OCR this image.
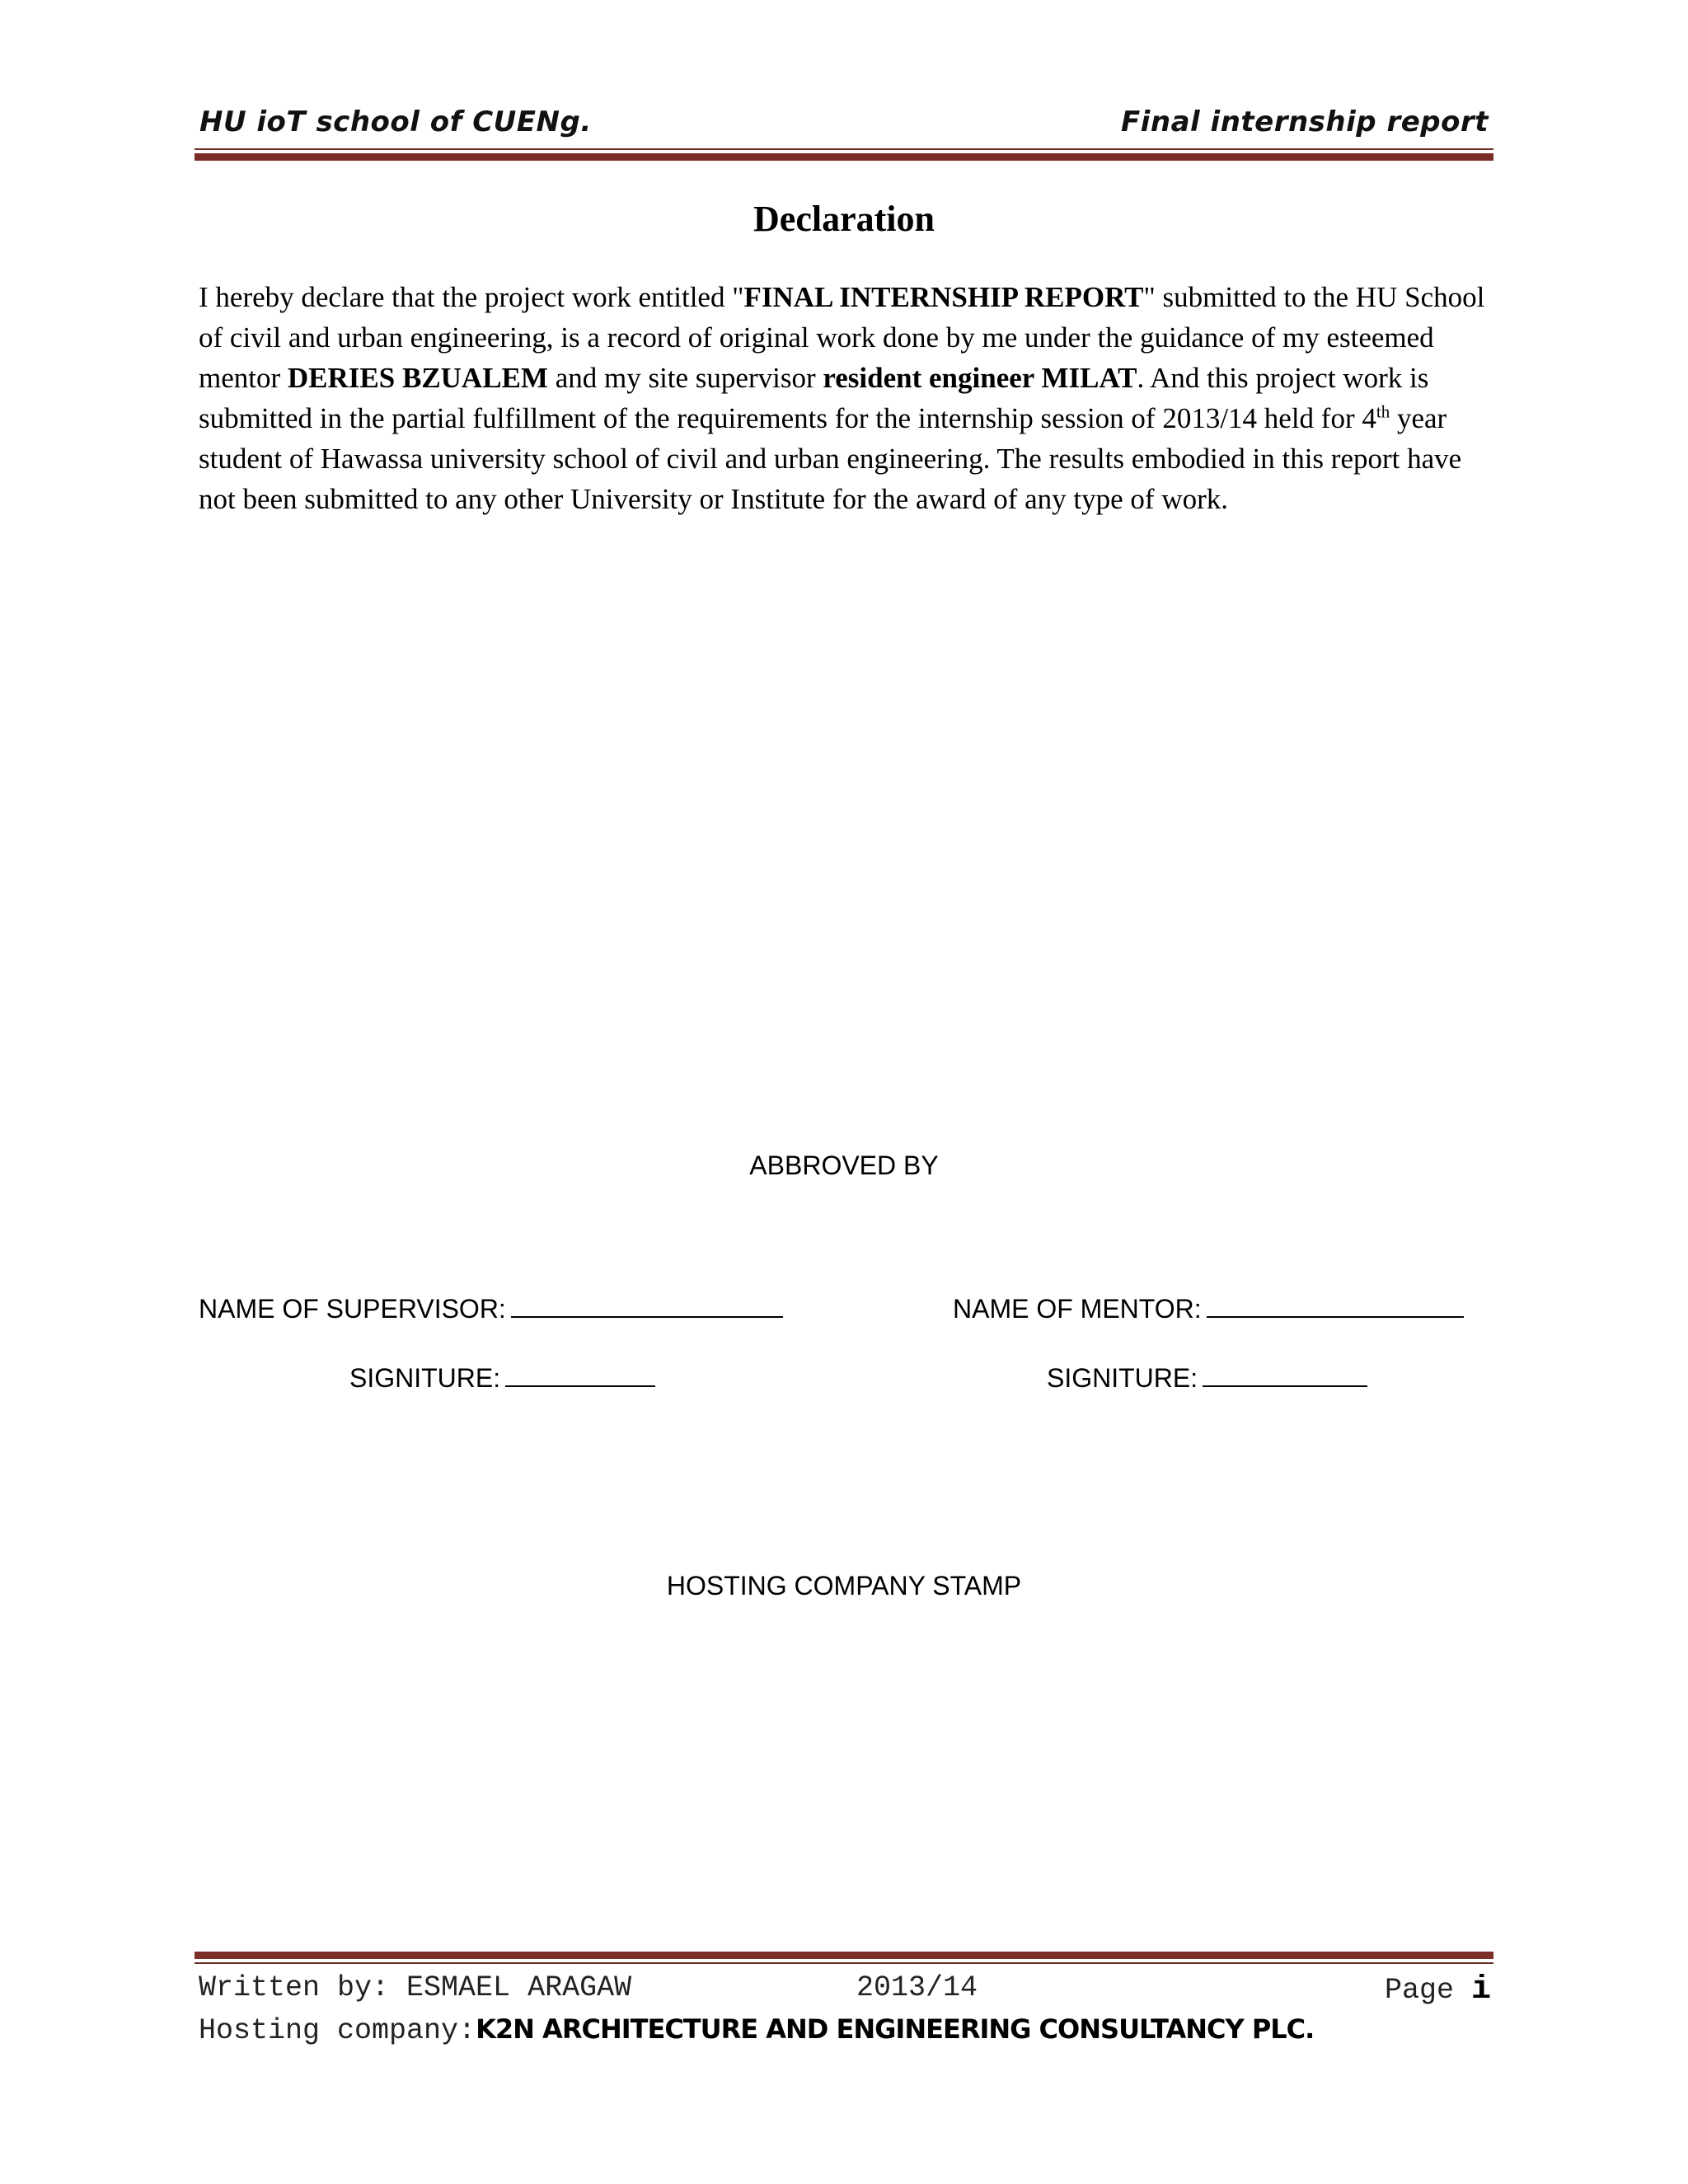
HU ioT school of CUENg.	Final internship report
Declaration

I hereby declare that the project work entitled "FINAL INTERNSHIP REPORT" submitted to the HU School of civil and urban engineering, is a record of original work done by me under the guidance of my esteemed mentor DERIES BZUALEM and my site supervisor resident engineer MILAT. And this project work is submitted in the partial fulfillment of the requirements for the internship session of 2013/14 held for 4th year student of Hawassa university school of civil and urban engineering. The results embodied in this report have not been submitted to any other University or Institute for the award of any type of work.

ABBROVED BY
NAME OF SUPERVISOR:	NAME OF MENTOR:
SIGNITURE:	SIGNITURE:
HOSTING COMPANY STAMP
Written by: ESMAEL ARAGAW	2013/14	Page i
Hosting company:K2N ARCHITECTURE AND ENGINEERING CONSULTANCY PLC.
